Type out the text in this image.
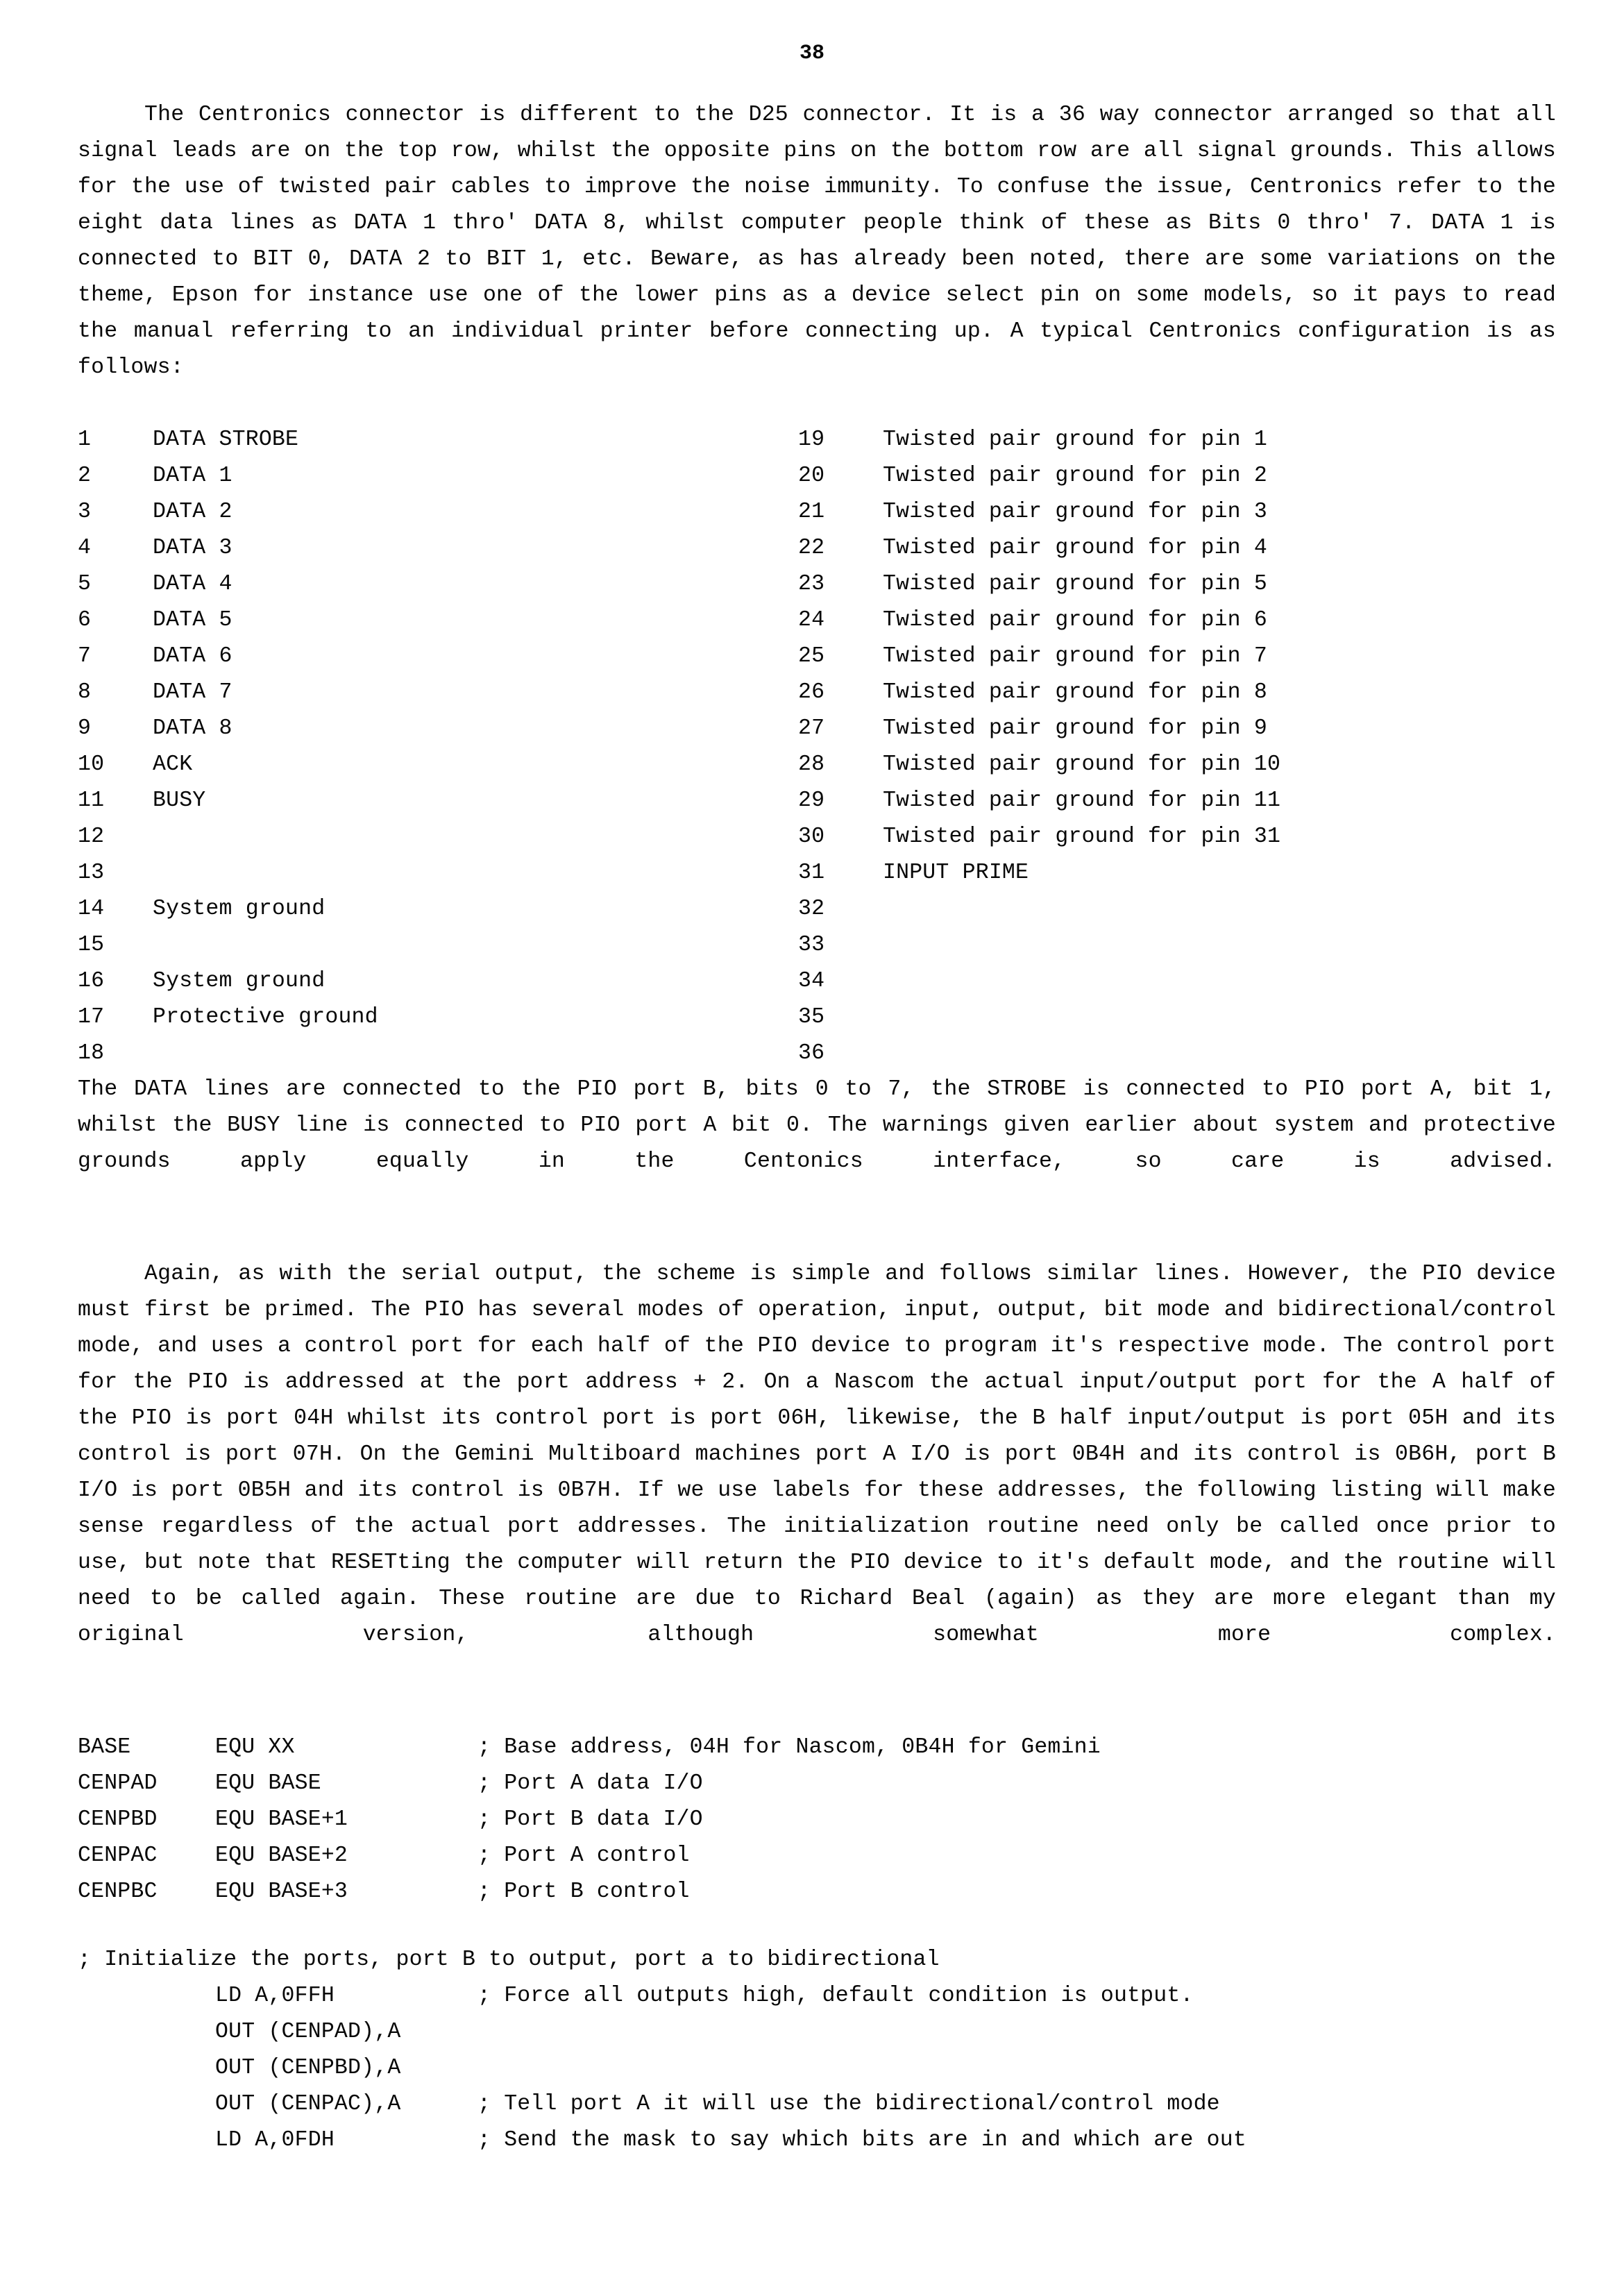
38

The Centronics connector is different to the D25 connector. It is a 36 way connector arranged so that all signal leads are on the top row, whilst the opposite pins on the bottom row are all signal grounds. This allows for the use of twisted pair cables to improve the noise immunity. To confuse the issue, Centronics refer to the eight data lines as DATA 1 thro' DATA 8, whilst computer people think of these as Bits 0 thro' 7. DATA 1 is connected to BIT 0, DATA 2 to BIT 1, etc. Beware, as has already been noted, there are some variations on the theme, Epson for instance use one of the lower pins as a device select pin on some models, so it pays to read the manual referring to an individual printer before connecting up. A typical Centronics configuration is as follows:

1	DATA STROBE	19	Twisted pair ground for pin 1
2	DATA 1	20	Twisted pair ground for pin 2
3	DATA 2	21	Twisted pair ground for pin 3
4	DATA 3	22	Twisted pair ground for pin 4
5	DATA 4	23	Twisted pair ground for pin 5
6	DATA 5	24	Twisted pair ground for pin 6
7	DATA 6	25	Twisted pair ground for pin 7
8	DATA 7	26	Twisted pair ground for pin 8
9	DATA 8	27	Twisted pair ground for pin 9
10	ACK	28	Twisted pair ground for pin 10
11	BUSY	29	Twisted pair ground for pin 11
12		30	Twisted pair ground for pin 31
13		31	INPUT PRIME
14	System ground	32	
15		33	
16	System ground	34	
17	Protective ground	35	
18		36	

The DATA lines are connected to the PIO port B, bits 0 to 7, the STROBE is connected to PIO port A, bit 1, whilst the BUSY line is connected to PIO port A bit 0. The warnings given earlier about system and protective grounds apply equally in the Centonics interface, so care is advised.

Again, as with the serial output, the scheme is simple and follows similar lines. However, the PIO device must first be primed. The PIO has several modes of operation, input, output, bit mode and bidirectional/control mode, and uses a control port for each half of the PIO device to program it's respective mode. The control port for the PIO is addressed at the port address + 2. On a Nascom the actual input/output port for the A half of the PIO is port 04H whilst its control port is port 06H, likewise, the B half input/output is port 05H and its control is port 07H. On the Gemini Multiboard machines port A I/O is port 0B4H and its control is 0B6H, port B I/O is port 0B5H and its control is 0B7H. If we use labels for these addresses, the following listing will make sense regardless of the actual port addresses. The initialization routine need only be called once prior to use, but note that RESETting the computer will return the PIO device to it's default mode, and the routine will need to be called again. These routine are due to Richard Beal (again) as they are more elegant than my original version, although somewhat more complex.

BASE	EQU XX	; Base address, 04H for Nascom, 0B4H for Gemini
CENPAD	EQU BASE	; Port A data I/O
CENPBD	EQU BASE+1	; Port B data I/O
CENPAC	EQU BASE+2	; Port A control
CENPBC	EQU BASE+3	; Port B control

; Initialize the ports, port B to output, port a to bidirectional

	LD A,0FFH	; Force all outputs high, default condition is output.
	OUT (CENPAD),A	
	OUT (CENPBD),A	
	OUT (CENPAC),A	; Tell port A it will use the bidirectional/control mode
	LD A,0FDH	; Send the mask to say which bits are in and which are out
